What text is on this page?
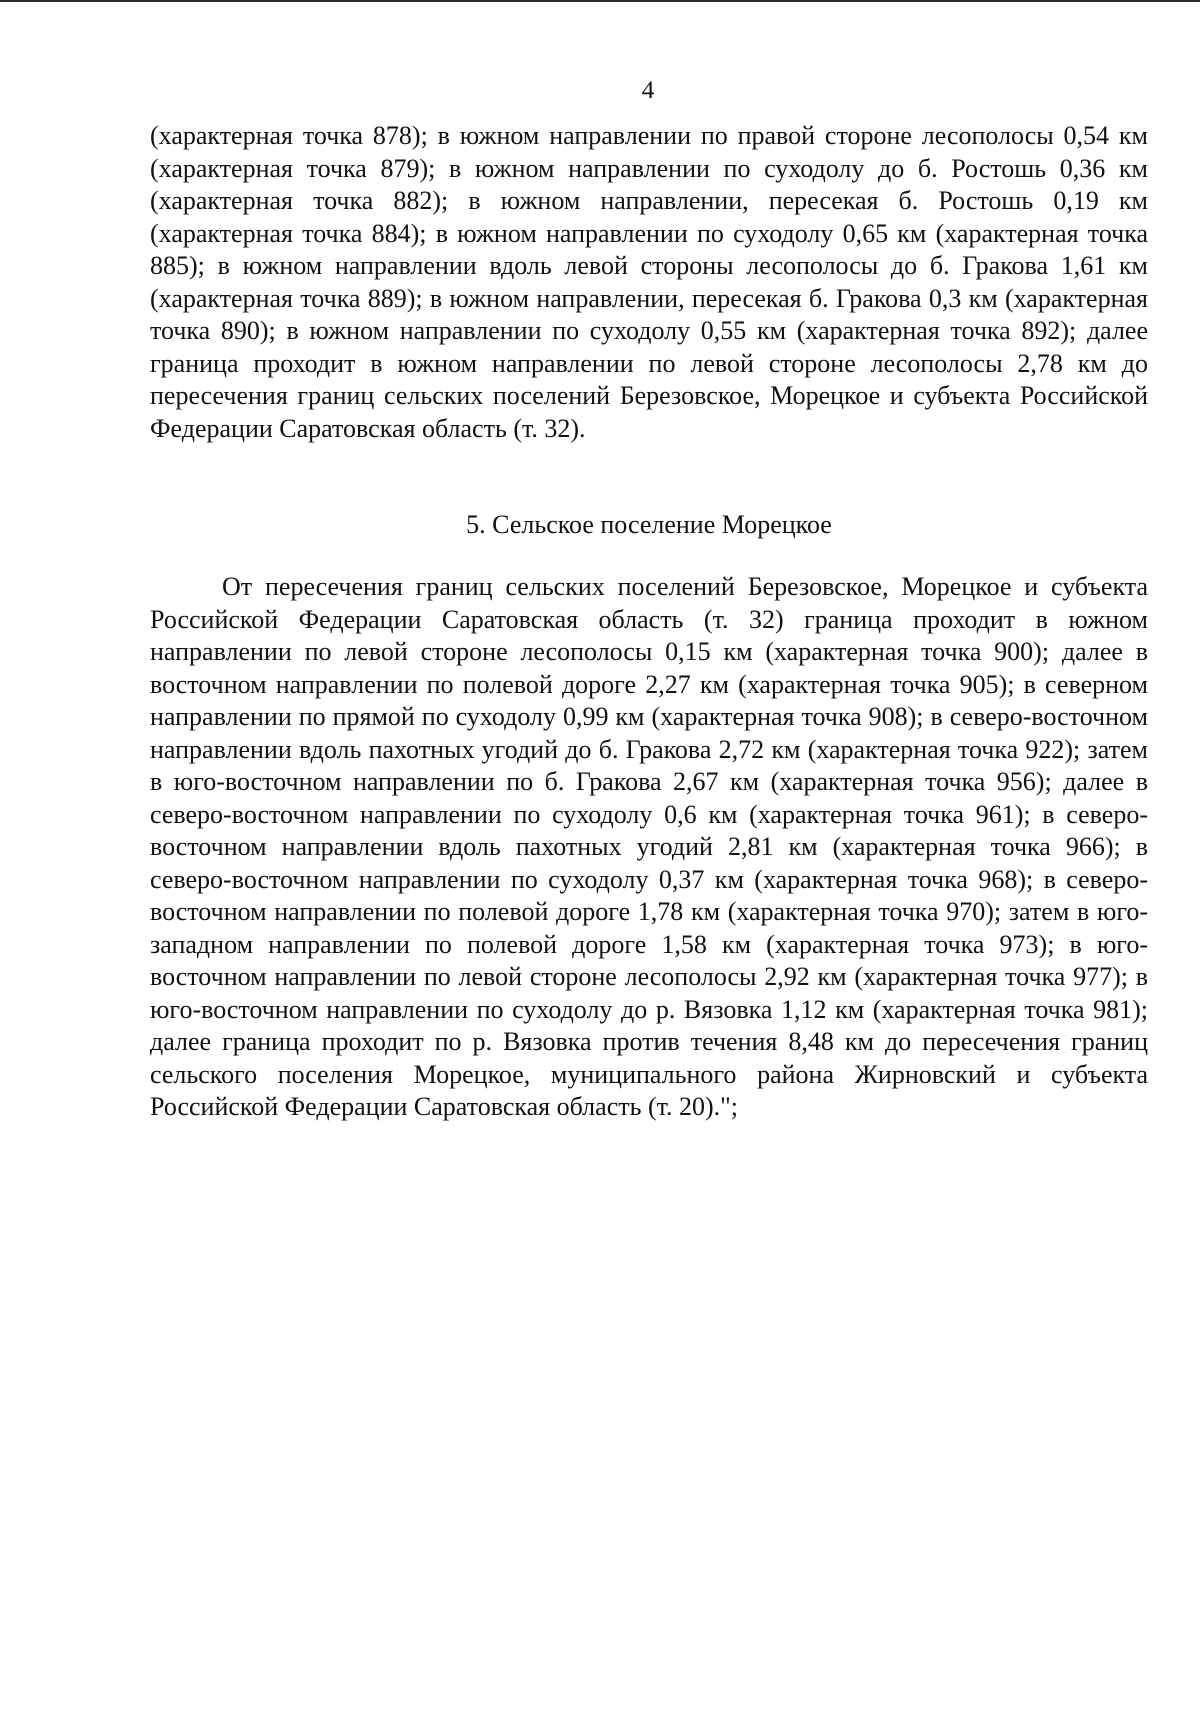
4

(характерная точка 878); в южном направлении по правой стороне лесополосы 0,54 км (характерная точка 879); в южном направлении по суходолу до б. Ростошь 0,36 км (характерная точка 882); в южном направлении, пересекая б. Ростошь 0,19 км (характерная точка 884); в южном направлении по суходолу 0,65 км (характерная точка 885); в южном направлении вдоль левой стороны лесополосы до б. Гракова 1,61 км (характерная точка 889); в южном направлении, пересекая б. Гракова 0,3 км (характерная точка 890); в южном направлении по суходолу 0,55 км (характерная точка 892); далее граница проходит в южном направлении по левой стороне лесополосы 2,78 км до пересечения границ сельских поселений Березовское, Морецкое и субъекта Российской Федерации Саратовская область (т. 32).

5. Сельское поселение Морецкое

От пересечения границ сельских поселений Березовское, Морецкое и субъекта Российской Федерации Саратовская область (т. 32) граница проходит в южном направлении по левой стороне лесополосы 0,15 км (характерная точка 900); далее в восточном направлении по полевой дороге 2,27 км (характерная точка 905); в северном направлении по прямой по суходолу 0,99 км (характерная точка 908); в северо-восточном направлении вдоль пахотных угодий до б. Гракова 2,72 км (характерная точка 922); затем в юго-восточном направлении по б. Гракова 2,67 км (характерная точка 956); далее в северо-восточном направлении по суходолу 0,6 км (характерная точка 961); в северо-восточном направлении вдоль пахотных угодий 2,81 км (характерная точка 966); в северо-восточном направлении по суходолу 0,37 км (характерная точка 968); в северо-восточном направлении по полевой дороге 1,78 км (характерная точка 970); затем в юго-западном направлении по полевой дороге 1,58 км (характерная точка 973); в юго-восточном направлении по левой стороне лесополосы 2,92 км (характерная точка 977); в юго-восточном направлении по суходолу до р. Вязовка 1,12 км (характерная точка 981); далее граница проходит по р. Вязовка против течения 8,48 км до пересечения границ сельского поселения Морецкое, муниципального района Жирновский и субъекта Российской Федерации Саратовская область (т. 20).";
